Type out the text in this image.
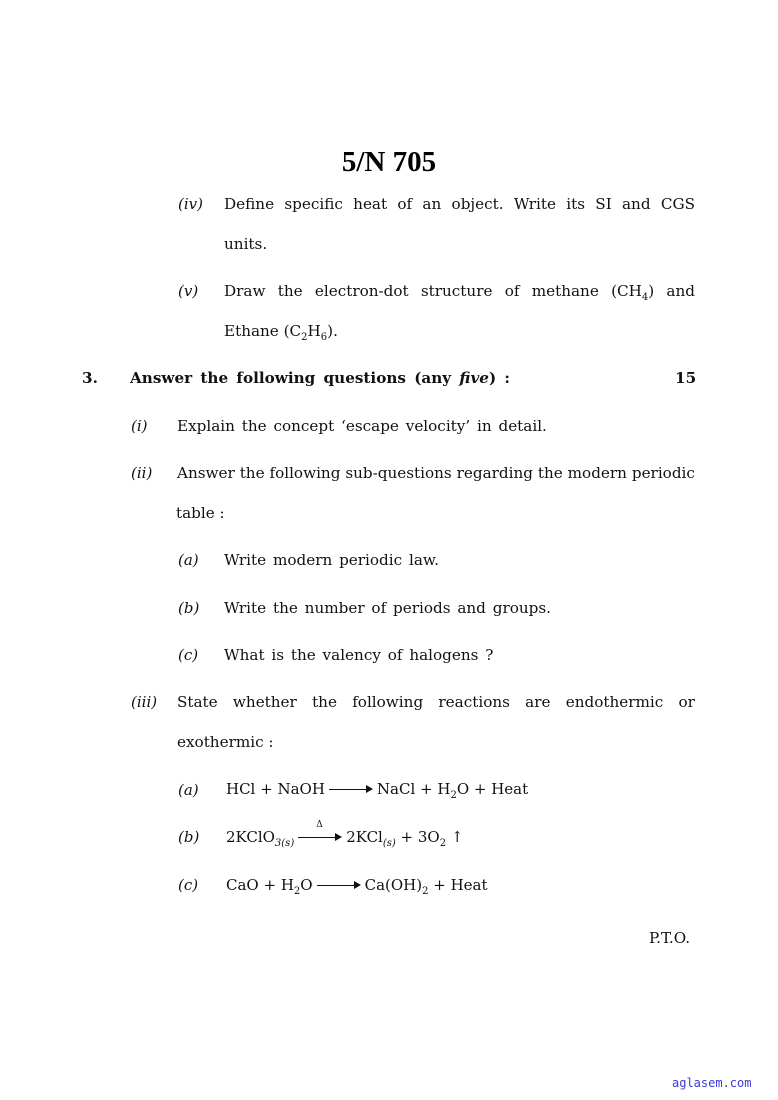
5/N 705
(iv) Define specific heat of an object. Write its SI and CGS
units.
(v) Draw the electron-dot structure of methane $(CH_4)$ and
Ethane $(C_2H_6)$.
3. Answer the following questions (any five) :	15
(i) Explain the concept ‘escape velocity’ in detail.
(ii) Answer the following sub-questions regarding the modern periodic
table :
(a) Write modern periodic law.
(b) Write the number of periods and groups.
(c) What is the valency of halogens ?
(iii) State whether the following reactions are endothermic or
exothermic :
(a) HCl + NaOH	NaCl + $H_2O$ + Heat
(b) 2KClO$_{3(s)}$
Δ
$2KCl_{(s)} + 3O_2$ ↑
(c) CaO + $H_2O$	$Ca(OH)_2$ + Heat
P.T.O.
aglasem.com
